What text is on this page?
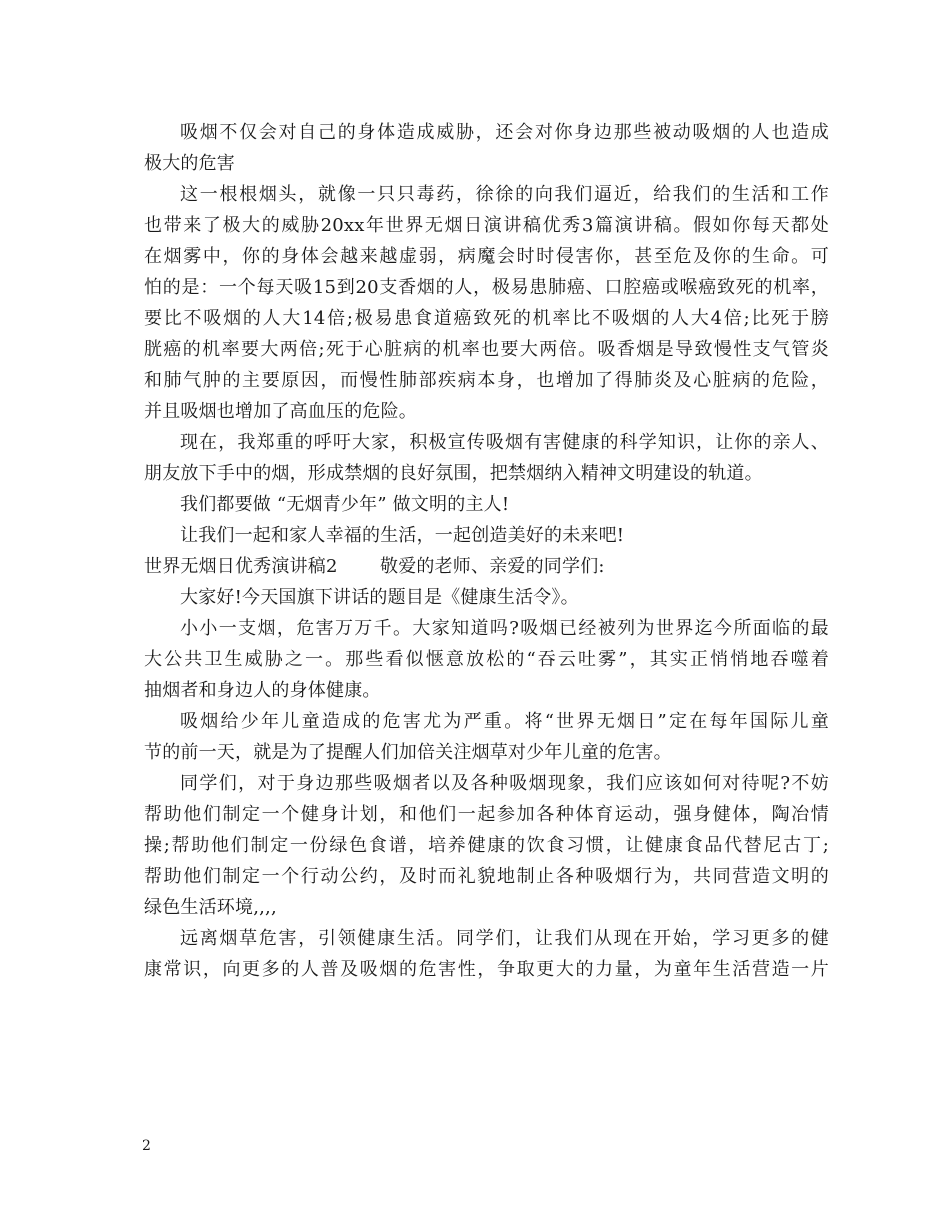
吸烟不仅会对自己的身体造成威胁，还会对你身边那些被动吸烟的人也造成
极大的危害
这一根根烟头，就像一只只毒药，徐徐的向我们逼近，给我们的生活和工作
也带来了极大的威胁20xx年世界无烟日演讲稿优秀3篇演讲稿。假如你每天都处
在烟雾中，你的身体会越来越虚弱，病魔会时时侵害你，甚至危及你的生命。可
怕的是：一个每天吸15到20支香烟的人，极易患肺癌、口腔癌或喉癌致死的机率，
要比不吸烟的人大14倍;极易患食道癌致死的机率比不吸烟的人大4倍;比死于膀
胱癌的机率要大两倍;死于心脏病的机率也要大两倍。吸香烟是导致慢性支气管炎
和肺气肿的主要原因，而慢性肺部疾病本身，也增加了得肺炎及心脏病的危险，
并且吸烟也增加了高血压的危险。
现在，我郑重的呼吁大家，积极宣传吸烟有害健康的科学知识，让你的亲人、
朋友放下手中的烟，形成禁烟的良好氛围，把禁烟纳入精神文明建设的轨道。
我们都要做 “无烟青少年” 做文明的主人!
让我们一起和家人幸福的生活，一起创造美好的未来吧!
世界无烟日优秀演讲稿2	敬爱的老师、亲爱的同学们:
大家好!今天国旗下讲话的题目是《健康生活令》。
小小一支烟，危害万万千。大家知道吗?吸烟已经被列为世界迄今所面临的最
大公共卫生威胁之一。那些看似惬意放松的“吞云吐雾”，其实正悄悄地吞噬着
抽烟者和身边人的身体健康。
吸烟给少年儿童造成的危害尤为严重。将“世界无烟日”定在每年国际儿童
节的前一天，就是为了提醒人们加倍关注烟草对少年儿童的危害。
同学们，对于身边那些吸烟者以及各种吸烟现象，我们应该如何对待呢?不妨
帮助他们制定一个健身计划，和他们一起参加各种体育运动，强身健体，陶冶情
操;帮助他们制定一份绿色食谱，培养健康的饮食习惯，让健康食品代替尼古丁;
帮助他们制定一个行动公约，及时而礼貌地制止各种吸烟行为，共同营造文明的
绿色生活环境,,,,
远离烟草危害，引领健康生活。同学们，让我们从现在开始，学习更多的健
康常识，向更多的人普及吸烟的危害性，争取更大的力量，为童年生活营造一片
2
